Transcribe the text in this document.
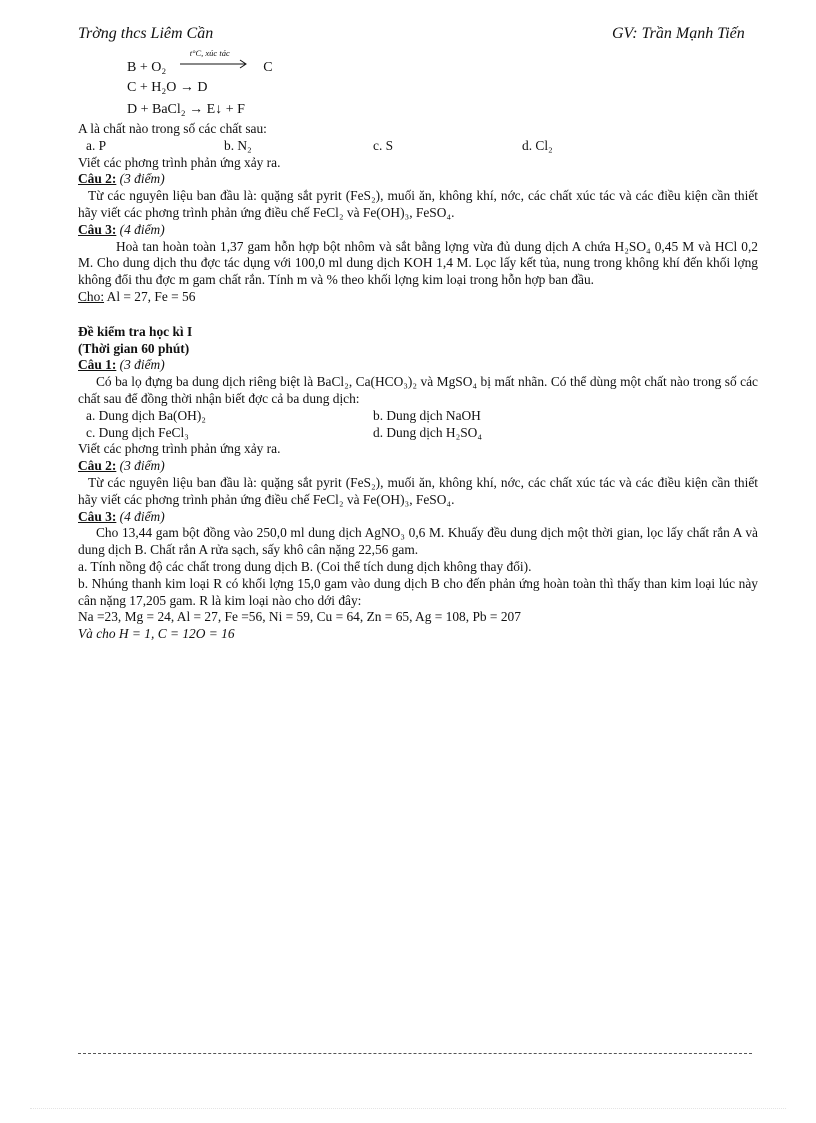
Trờng thcs Liêm Cần	GV: Trần Mạnh Tiến
B + O₂
t°C, xúc tác
C
C + H₂O → D
D + BaCl₂ → E↓ + F

A là chất nào trong số các chất sau:

a. P	b. N₂	c. S	d. Cl₂

Viết các phơng trình phản ứng xảy ra.

Câu 2: (3 điểm)

Từ các nguyên liệu ban đầu là: quặng sắt pyrit (FeS₂), muối ăn, không khí, nớc, các chất xúc tác và các điều kiện cần thiết hãy viết các phơng trình phản ứng điều chế FeCl₂ và Fe(OH)₃, FeSO₄.

Câu 3: (4 điểm)

Hoà tan hoàn toàn 1,37 gam hỗn hợp bột nhôm và sắt bằng lợng vừa đủ dung dịch A chứa H₂SO₄ 0,45 M và HCl 0,2 M. Cho dung dịch thu đợc tác dụng với 100,0 ml dung dịch KOH 1,4 M. Lọc lấy kết tủa, nung trong không khí đến khối lợng không đổi thu đợc m gam chất rắn. Tính m và % theo khối lợng kim loại trong hỗn hợp ban đầu.

Cho: Al = 27, Fe = 56

Đề kiểm tra học kì I

(Thời gian 60 phút)

Câu 1: (3 điểm)

Có ba lọ đựng ba dung dịch riêng biệt là BaCl₂, Ca(HCO₃)₂ và MgSO₄ bị mất nhãn. Có thể dùng một chất nào trong số các chất sau để đồng thời nhận biết đợc cả ba dung dịch:

a. Dung dịch Ba(OH)₂	b. Dung dịch NaOH
c. Dung dịch FeCl₃	d. Dung dịch H₂SO₄

Viết các phơng trình phản ứng xảy ra.

Câu 2: (3 điểm)

Từ các nguyên liệu ban đầu là: quặng sắt pyrit (FeS₂), muối ăn, không khí, nớc, các chất xúc tác và các điều kiện cần thiết hãy viết các phơng trình phản ứng điều chế FeCl₂ và Fe(OH)₃, FeSO₄.

Câu 3: (4 điểm)

Cho 13,44 gam bột đồng vào 250,0 ml dung dịch AgNO₃ 0,6 M. Khuấy đều dung dịch một thời gian, lọc lấy chất rắn A và dung dịch B. Chất rắn A rửa sạch, sấy khô cân nặng 22,56 gam.

a. Tính nồng độ các chất trong dung dịch B. (Coi thể tích dung dịch không thay đổi).

b. Nhúng thanh kim loại R có khối lợng 15,0 gam vào dung dịch B cho đến phản ứng hoàn toàn thì thấy than kim loại lúc này cân nặng 17,205 gam. R là kim loại nào cho dới đây:

Na =23, Mg = 24, Al = 27, Fe =56, Ni = 59, Cu = 64, Zn = 65, Ag = 108, Pb = 207

Và cho H = 1, C = 12O = 16
